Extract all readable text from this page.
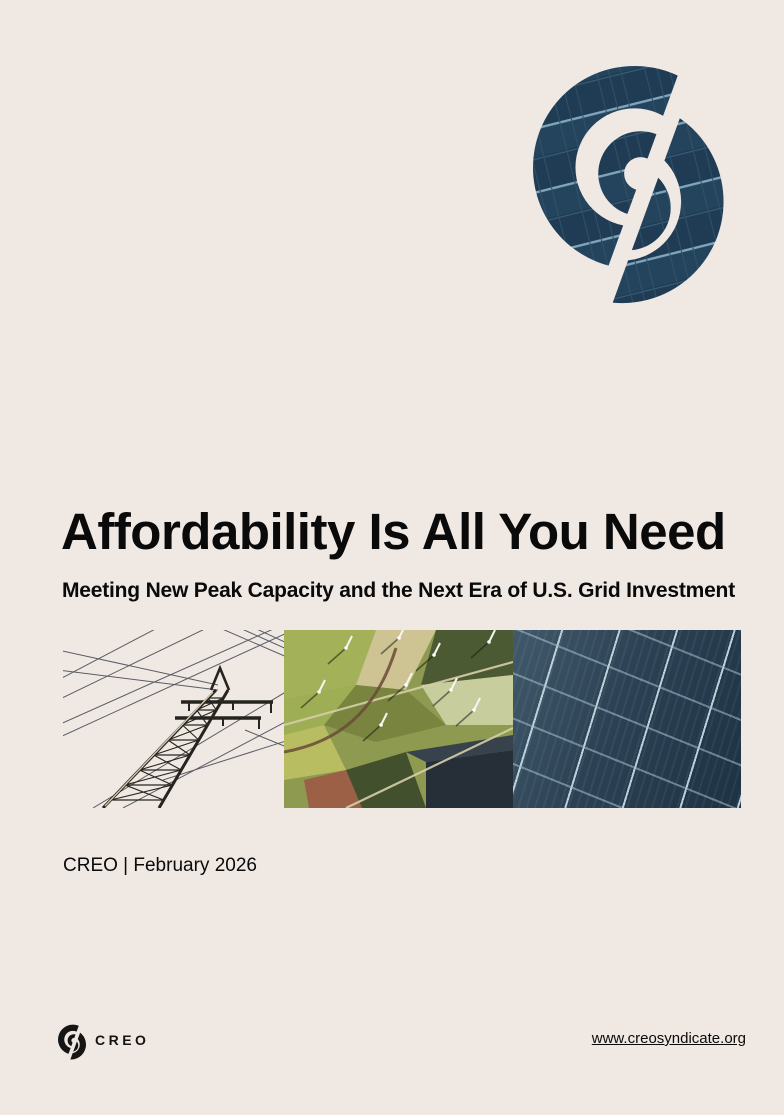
Affordability Is All You Need
Meeting New Peak Capacity and the Next Era of U.S. Grid Investment
CREO | February 2026
CREO	www.creosyndicate.org
